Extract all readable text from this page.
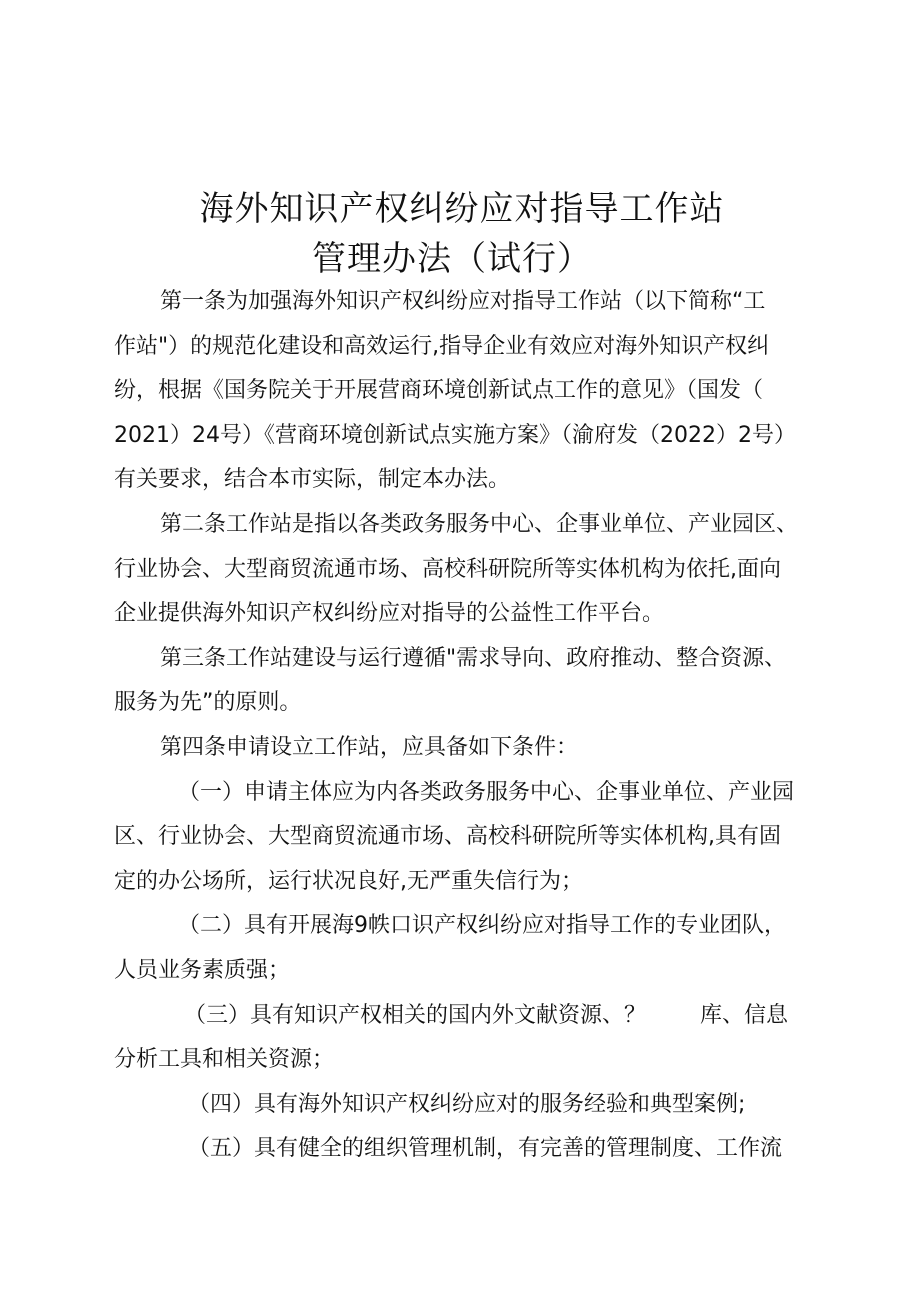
海外知识产权纠纷应对指导工作站
管理办法（试行）
第一条为加强海外知识产权纠纷应对指导工作站（以下简称“工
作站"）的规范化建设和高效运行,指导企业有效应对海外知识产权纠
纷，根据《国务院关于开展营商环境创新试点工作的意见》（国发（
2021）24号）《营商环境创新试点实施方案》（渝府发（2022）2号）
有关要求，结合本市实际，制定本办法。
第二条工作站是指以各类政务服务中心、企事业单位、产业园区、
行业协会、大型商贸流通市场、高校科研院所等实体机构为依托,面向
企业提供海外知识产权纠纷应对指导的公益性工作平台。
第三条工作站建设与运行遵循"需求导向、政府推动、整合资源、
服务为先”的原则。
第四条申请设立工作站，应具备如下条件：
（一）申请主体应为内各类政务服务中心、企事业单位、产业园
区、行业协会、大型商贸流通市场、高校科研院所等实体机构,具有固
定的办公场所，运行状况良好,无严重失信行为；
（二）具有开展海9帙口识产权纠纷应对指导工作的专业团队，
人员业务素质强；
（三）具有知识产权相关的国内外文献资源、？ 库、信息
分析工具和相关资源；
（四）具有海外知识产权纠纷应对的服务经验和典型案例;
（五）具有健全的组织管理机制，有完善的管理制度、工作流
